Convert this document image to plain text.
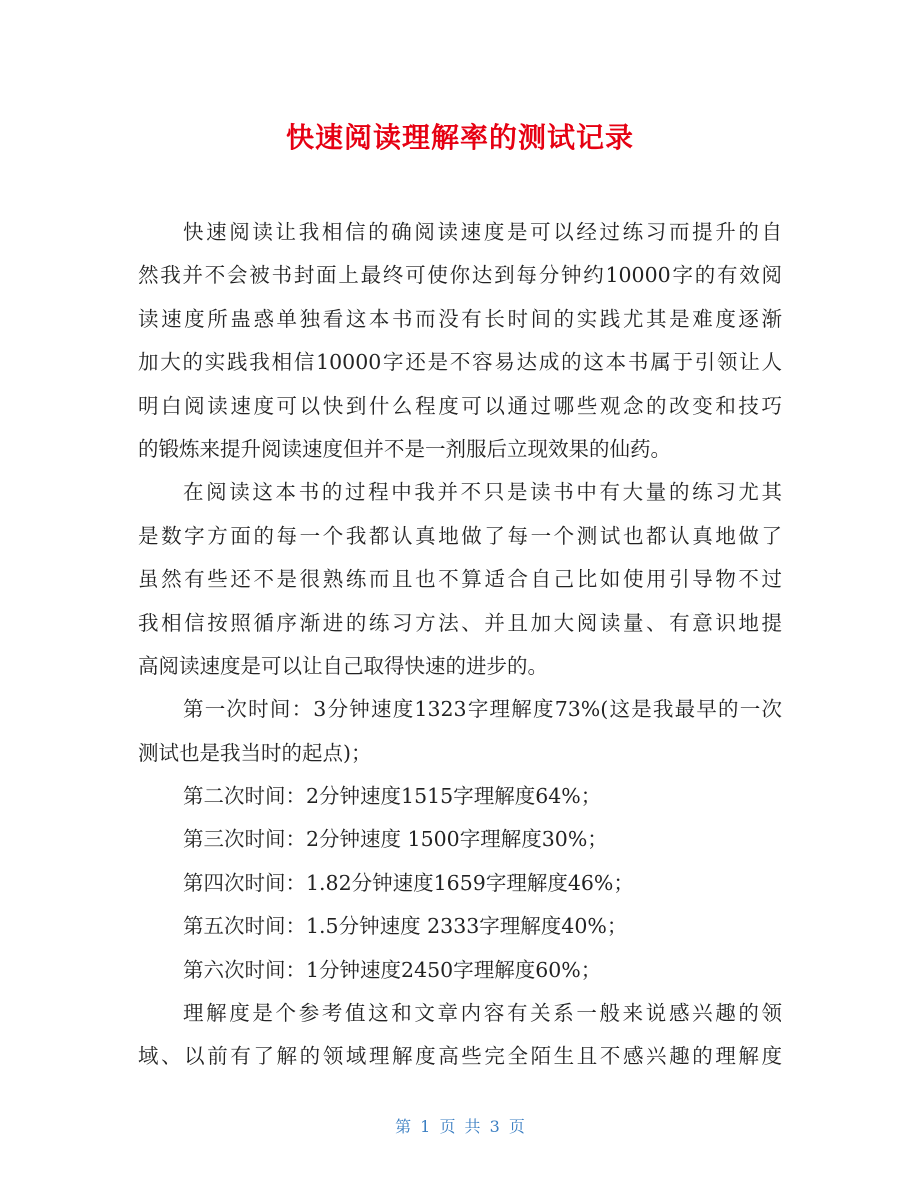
快速阅读理解率的测试记录
快速阅读让我相信的确阅读速度是可以经过练习而提升的自
然我并不会被书封面上最终可使你达到每分钟约10000字的有效阅
读速度所蛊惑单独看这本书而没有长时间的实践尤其是难度逐渐
加大的实践我相信10000字还是不容易达成的这本书属于引领让人
明白阅读速度可以快到什么程度可以通过哪些观念的改变和技巧
的锻炼来提升阅读速度但并不是一剂服后立现效果的仙药。
在阅读这本书的过程中我并不只是读书中有大量的练习尤其
是数字方面的每一个我都认真地做了每一个测试也都认真地做了
虽然有些还不是很熟练而且也不算适合自己比如使用引导物不过
我相信按照循序渐进的练习方法、并且加大阅读量、有意识地提
高阅读速度是可以让自己取得快速的进步的。
第一次时间：3分钟速度1323字理解度73%(这是我最早的一次
测试也是我当时的起点)；
第二次时间：2分钟速度1515字理解度64%；
第三次时间：2分钟速度 1500字理解度30%；
第四次时间：1.82分钟速度1659字理解度46%；
第五次时间：1.5分钟速度 2333字理解度40%；
第六次时间：1分钟速度2450字理解度60%；
理解度是个参考值这和文章内容有关系一般来说感兴趣的领
域、以前有了解的领域理解度高些完全陌生且不感兴趣的理解度
第 1 页 共 3 页
